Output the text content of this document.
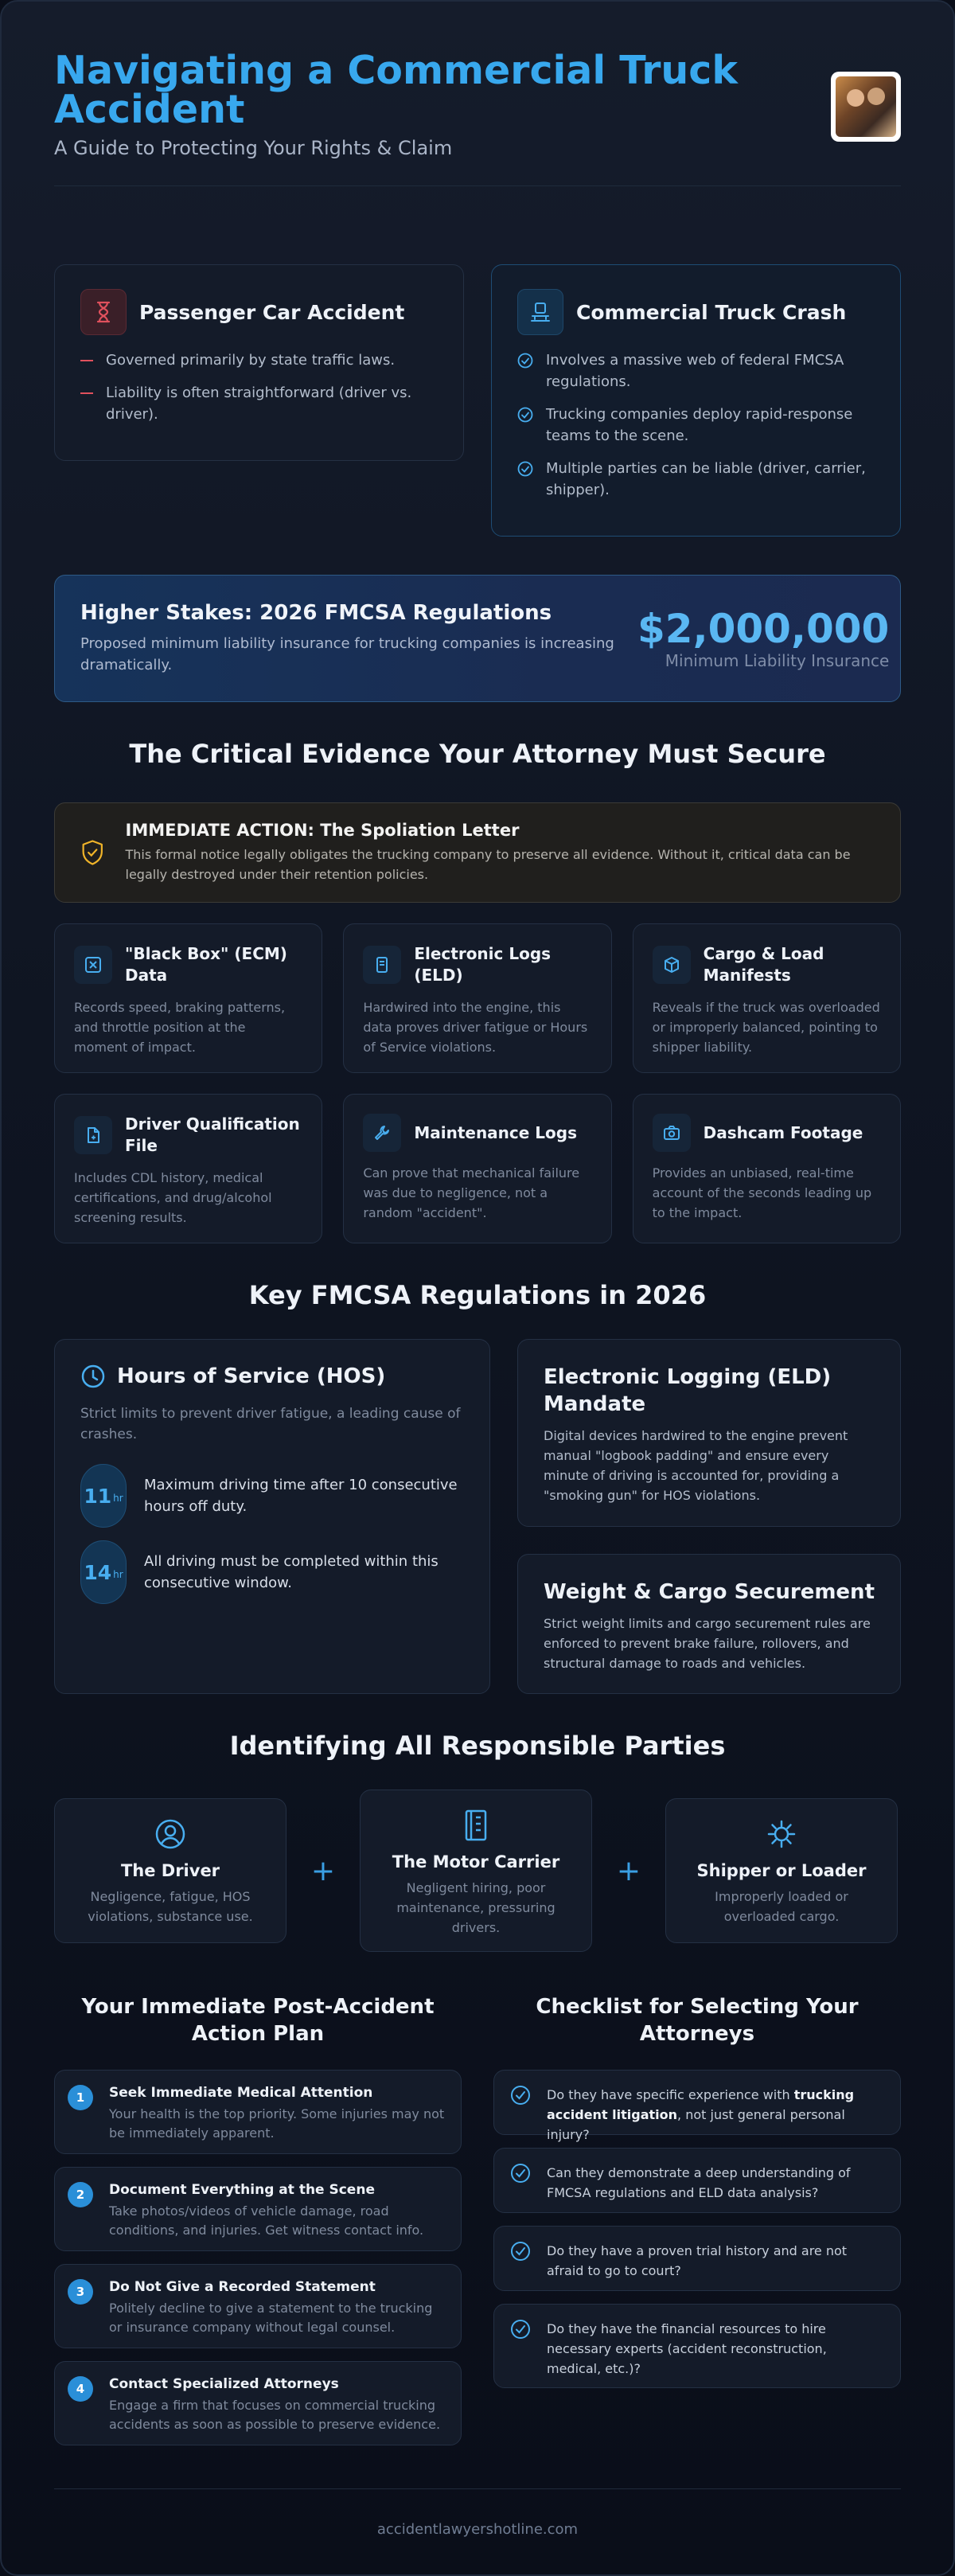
Navigating a Commercial Truck Accident
A Guide to Protecting Your Rights & Claim
Passenger Car Accident
Governed primarily by state traffic laws.
Liability is often straightforward (driver vs. driver).
Commercial Truck Crash
Involves a massive web of federal FMCSA regulations.
Trucking companies deploy rapid-response teams to the scene.
Multiple parties can be liable (driver, carrier, shipper).
Higher Stakes: 2026 FMCSA Regulations
Proposed minimum liability insurance for trucking companies is increasing dramatically.
$2,000,000
Minimum Liability Insurance
The Critical Evidence Your Attorney Must Secure
IMMEDIATE ACTION: The Spoliation Letter
This formal notice legally obligates the trucking company to preserve all evidence. Without it, critical data can be legally destroyed under their retention policies.
"Black Box" (ECM) Data
Records speed, braking patterns, and throttle position at the moment of impact.
Electronic Logs (ELD)
Hardwired into the engine, this data proves driver fatigue or Hours of Service violations.
Cargo & Load Manifests
Reveals if the truck was overloaded or improperly balanced, pointing to shipper liability.
Driver Qualification File
Includes CDL history, medical certifications, and drug/alcohol screening results.
Maintenance Logs
Can prove that mechanical failure was due to negligence, not a random "accident".
Dashcam Footage
Provides an unbiased, real-time account of the seconds leading up to the impact.
Key FMCSA Regulations in 2026
Hours of Service (HOS)
Strict limits to prevent driver fatigue, a leading cause of crashes.
11 hr
Maximum driving time after 10 consecutive hours off duty.
14 hr
All driving must be completed within this consecutive window.
Electronic Logging (ELD) Mandate
Digital devices hardwired to the engine prevent manual "logbook padding" and ensure every minute of driving is accounted for, providing a "smoking gun" for HOS violations.
Weight & Cargo Securement
Strict weight limits and cargo securement rules are enforced to prevent brake failure, rollovers, and structural damage to roads and vehicles.
Identifying All Responsible Parties
The Driver
Negligence, fatigue, HOS violations, substance use.
+	The Motor Carrier
Negligent hiring, poor maintenance, pressuring drivers.
+	Shipper or Loader
Improperly loaded or overloaded cargo.
Your Immediate Post-Accident Action Plan
1	Seek Immediate Medical Attention
Your health is the top priority. Some injuries may not be immediately apparent.
2	Document Everything at the Scene
Take photos/videos of vehicle damage, road conditions, and injuries. Get witness contact info.
3	Do Not Give a Recorded Statement
Politely decline to give a statement to the trucking or insurance company without legal counsel.
4	Contact Specialized Attorneys
Engage a firm that focuses on commercial trucking accidents as soon as possible to preserve evidence.
Checklist for Selecting Your Attorneys
Do they have specific experience with trucking accident litigation, not just general personal injury?
Can they demonstrate a deep understanding of FMCSA regulations and ELD data analysis?
Do they have a proven trial history and are not afraid to go to court?
Do they have the financial resources to hire necessary experts (accident reconstruction, medical, etc.)?
accidentlawyershotline.com
